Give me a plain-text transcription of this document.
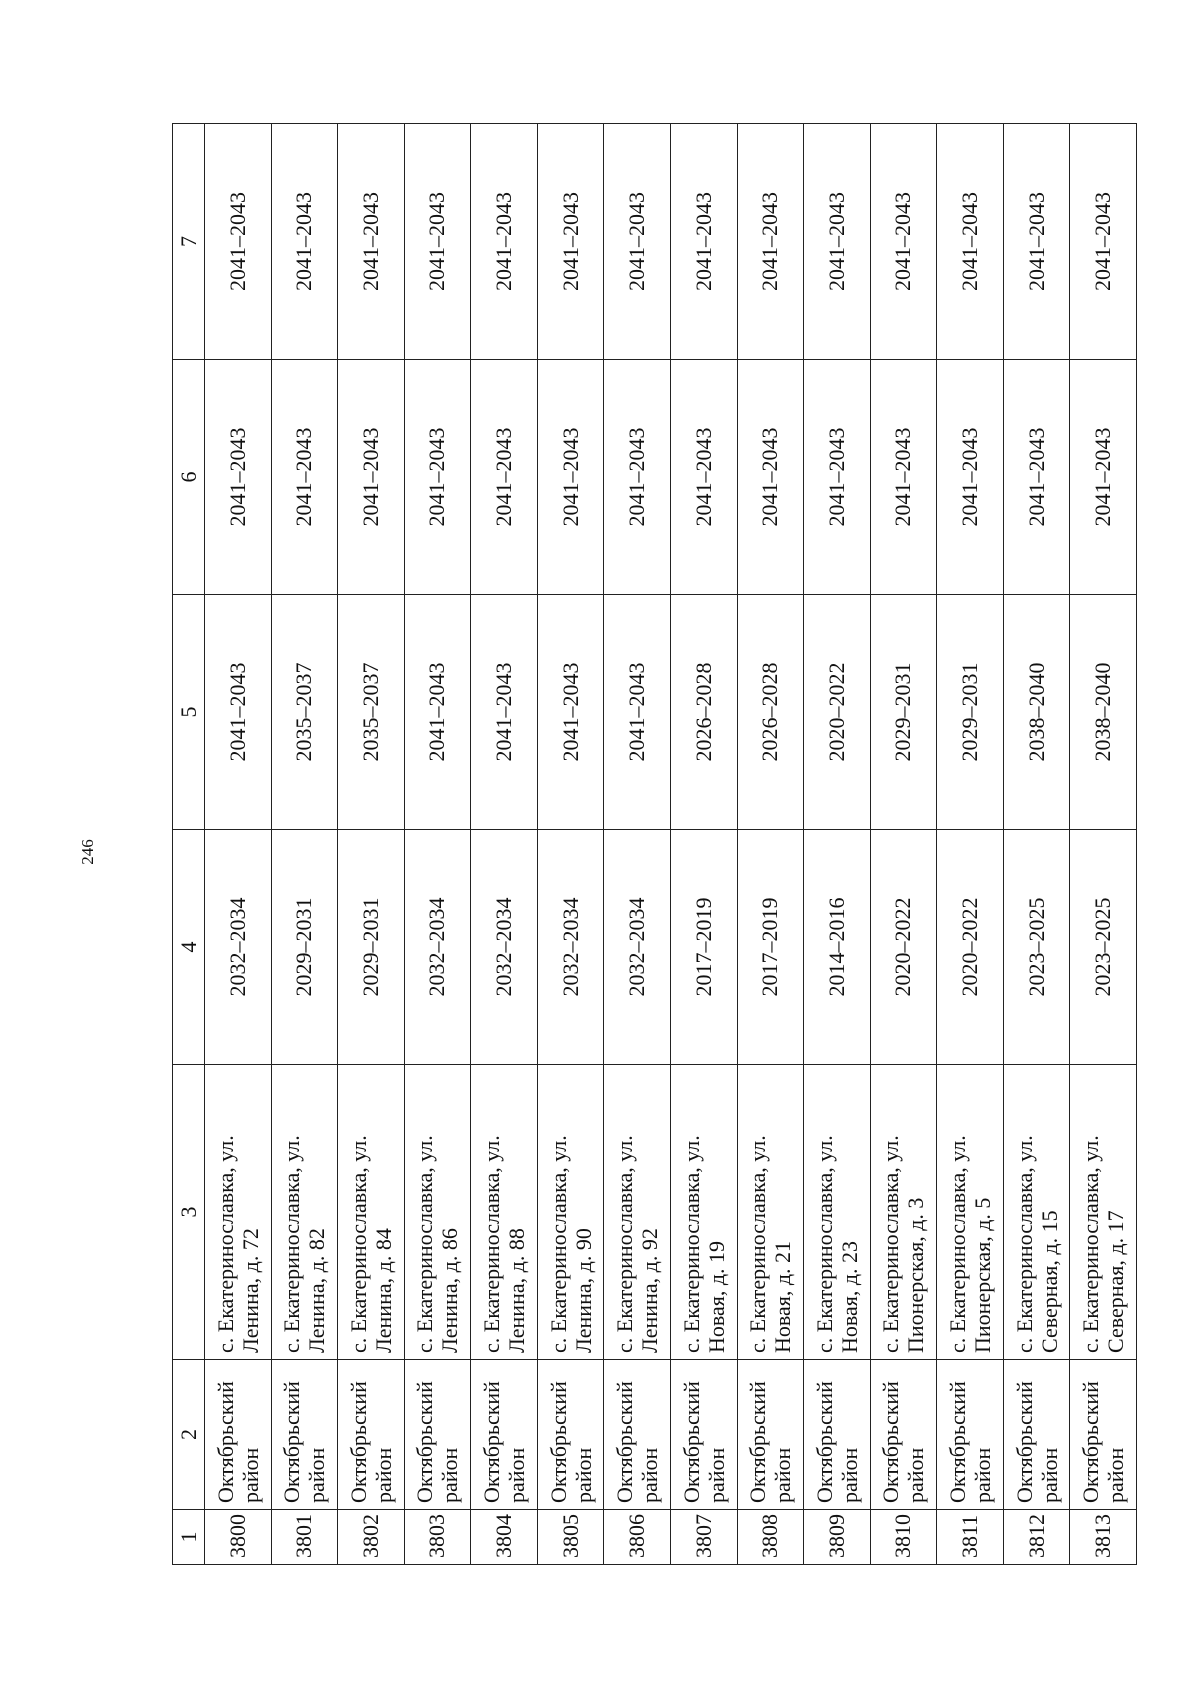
246
1	2	3	4	5	6	7
3800	Октябрьский район	с. Екатеринославка, ул. Ленина, д. 72	2032–2034	2041–2043	2041–2043	2041–2043
3801	Октябрьский район	с. Екатеринославка, ул. Ленина, д. 82	2029–2031	2035–2037	2041–2043	2041–2043
3802	Октябрьский район	с. Екатеринославка, ул. Ленина, д. 84	2029–2031	2035–2037	2041–2043	2041–2043
3803	Октябрьский район	с. Екатеринославка, ул. Ленина, д. 86	2032–2034	2041–2043	2041–2043	2041–2043
3804	Октябрьский район	с. Екатеринославка, ул. Ленина, д. 88	2032–2034	2041–2043	2041–2043	2041–2043
3805	Октябрьский район	с. Екатеринославка, ул. Ленина, д. 90	2032–2034	2041–2043	2041–2043	2041–2043
3806	Октябрьский район	с. Екатеринославка, ул. Ленина, д. 92	2032–2034	2041–2043	2041–2043	2041–2043
3807	Октябрьский район	с. Екатеринославка, ул. Новая, д. 19	2017–2019	2026–2028	2041–2043	2041–2043
3808	Октябрьский район	с. Екатеринославка, ул. Новая, д. 21	2017–2019	2026–2028	2041–2043	2041–2043
3809	Октябрьский район	с. Екатеринославка, ул. Новая, д. 23	2014–2016	2020–2022	2041–2043	2041–2043
3810	Октябрьский район	с. Екатеринославка, ул. Пионерская, д. 3	2020–2022	2029–2031	2041–2043	2041–2043
3811	Октябрьский район	с. Екатеринославка, ул. Пионерская, д. 5	2020–2022	2029–2031	2041–2043	2041–2043
3812	Октябрьский район	с. Екатеринославка, ул. Северная, д. 15	2023–2025	2038–2040	2041–2043	2041–2043
3813	Октябрьский район	с. Екатеринославка, ул. Северная, д. 17	2023–2025	2038–2040	2041–2043	2041–2043
